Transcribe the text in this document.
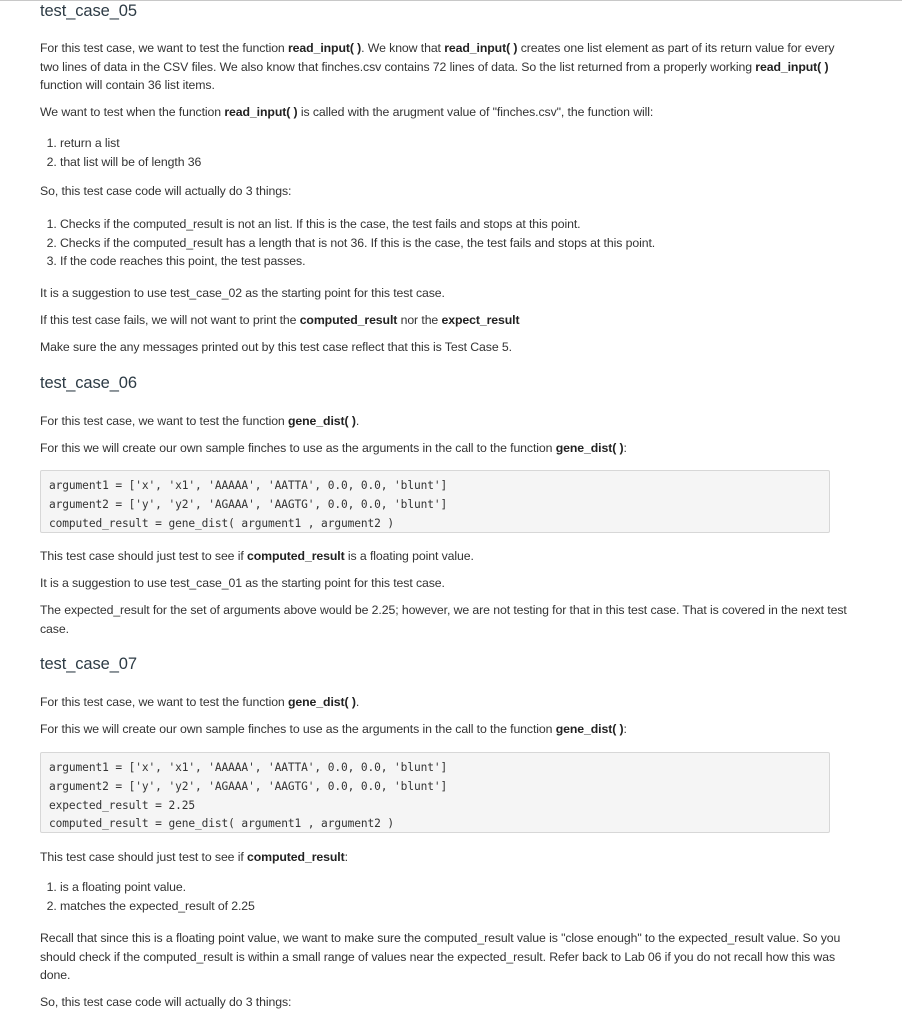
test_case_05

For this test case, we want to test the function read_input( ). We know that read_input( ) creates one list element as part of its return value for every two lines of data in the CSV files. We also know that finches.csv contains 72 lines of data. So the list returned from a properly working read_input( ) function will contain 36 list items.

We want to test when the function read_input( ) is called with the arugment value of "finches.csv", the function will:

1. return a list
2. that list will be of length 36

So, this test case code will actually do 3 things:

1. Checks if the computed_result is not an list. If this is the case, the test fails and stops at this point.
2. Checks if the computed_result has a length that is not 36. If this is the case, the test fails and stops at this point.
3. If the code reaches this point, the test passes.

It is a suggestion to use test_case_02 as the starting point for this test case.

If this test case fails, we will not want to print the computed_result nor the expect_result

Make sure the any messages printed out by this test case reflect that this is Test Case 5.

test_case_06

For this test case, we want to test the function gene_dist( ).

For this we will create our own sample finches to use as the arguments in the call to the function gene_dist( ):

argument1 = ['x', 'x1', 'AAAAA', 'AATTA', 0.0, 0.0, 'blunt']
argument2 = ['y', 'y2', 'AGAAA', 'AAGTG', 0.0, 0.0, 'blunt']
computed_result = gene_dist( argument1 , argument2 )

This test case should just test to see if computed_result is a floating point value.

It is a suggestion to use test_case_01 as the starting point for this test case.

The expected_result for the set of arguments above would be 2.25; however, we are not testing for that in this test case. That is covered in the next test case.

test_case_07

For this test case, we want to test the function gene_dist( ).

For this we will create our own sample finches to use as the arguments in the call to the function gene_dist( ):

argument1 = ['x', 'x1', 'AAAAA', 'AATTA', 0.0, 0.0, 'blunt']
argument2 = ['y', 'y2', 'AGAAA', 'AAGTG', 0.0, 0.0, 'blunt']
expected_result = 2.25
computed_result = gene_dist( argument1 , argument2 )

This test case should just test to see if computed_result:

1. is a floating point value.
2. matches the expected_result of 2.25

Recall that since this is a floating point value, we want to make sure the computed_result value is "close enough" to the expected_result value. So you should check if the computed_result is within a small range of values near the expected_result. Refer back to Lab 06 if you do not recall how this was done.

So, this test case code will actually do 3 things:
